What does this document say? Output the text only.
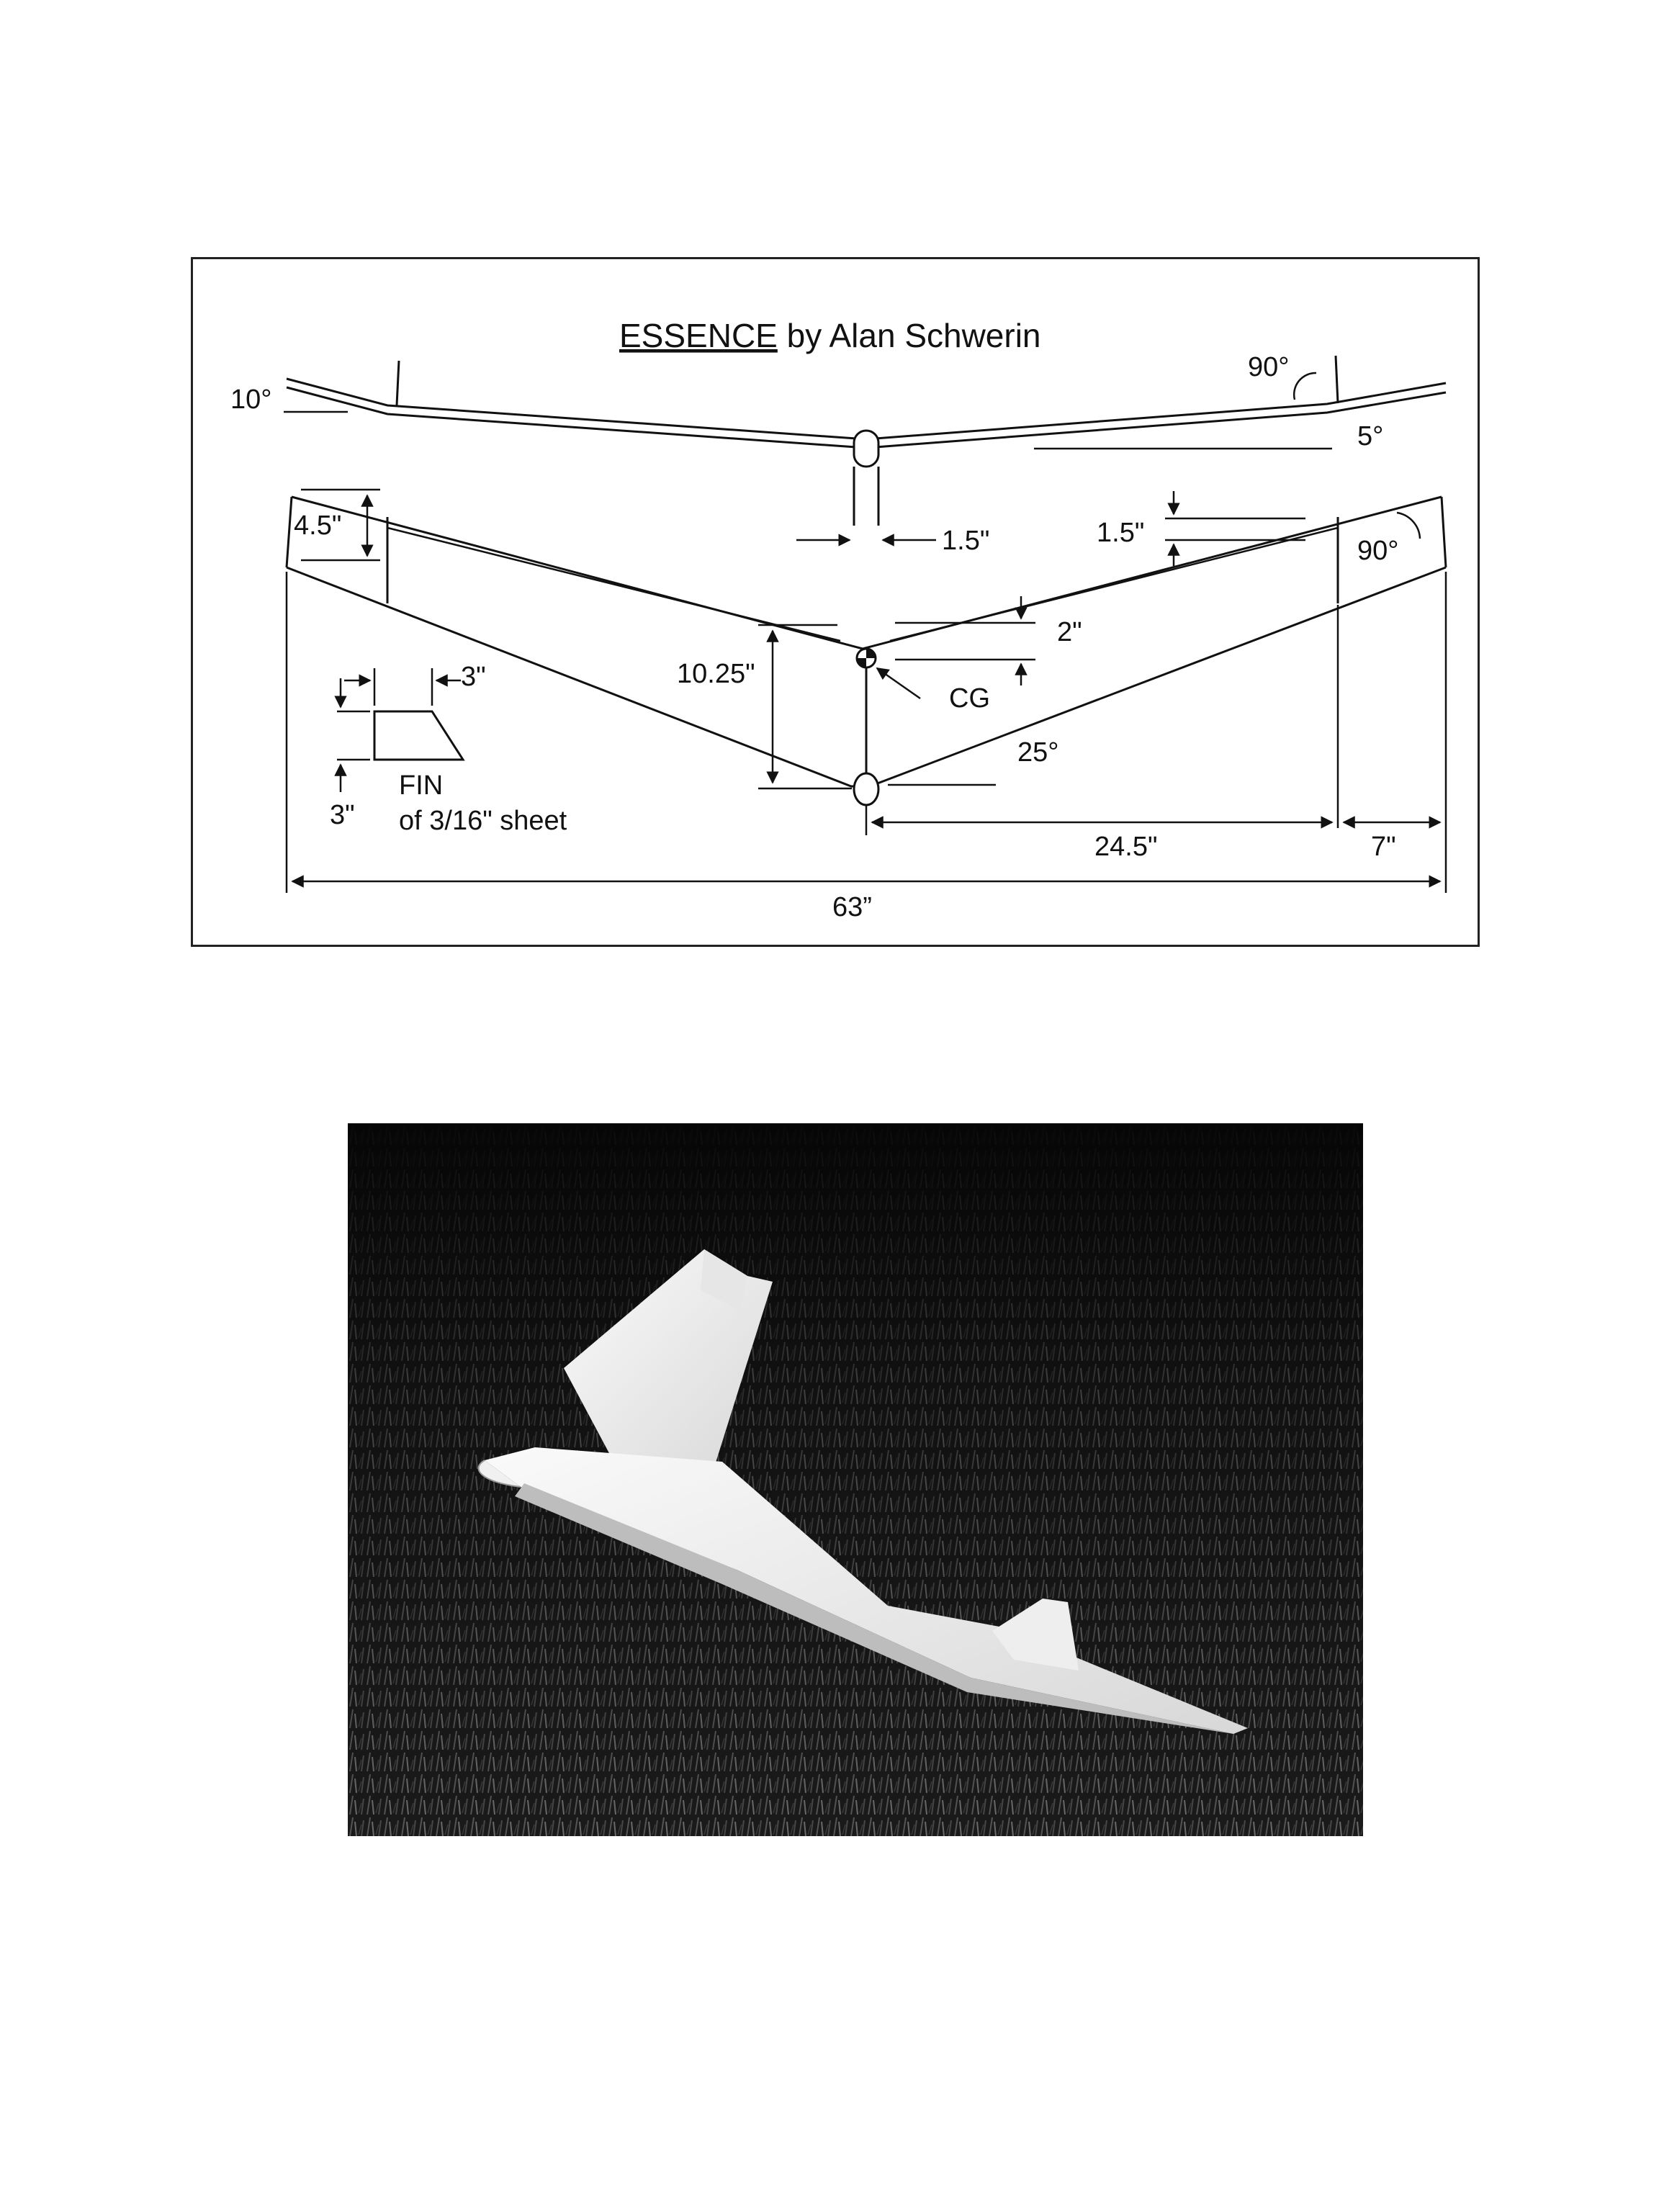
ESSENCE by Alan Schwerin
10°
90°
5°
CG
4.5"	1.5"	1.5"
90°
2"
10.25"
25°
3"
3"
FIN
of 3/16" sheet
24.5"	7"
63”
